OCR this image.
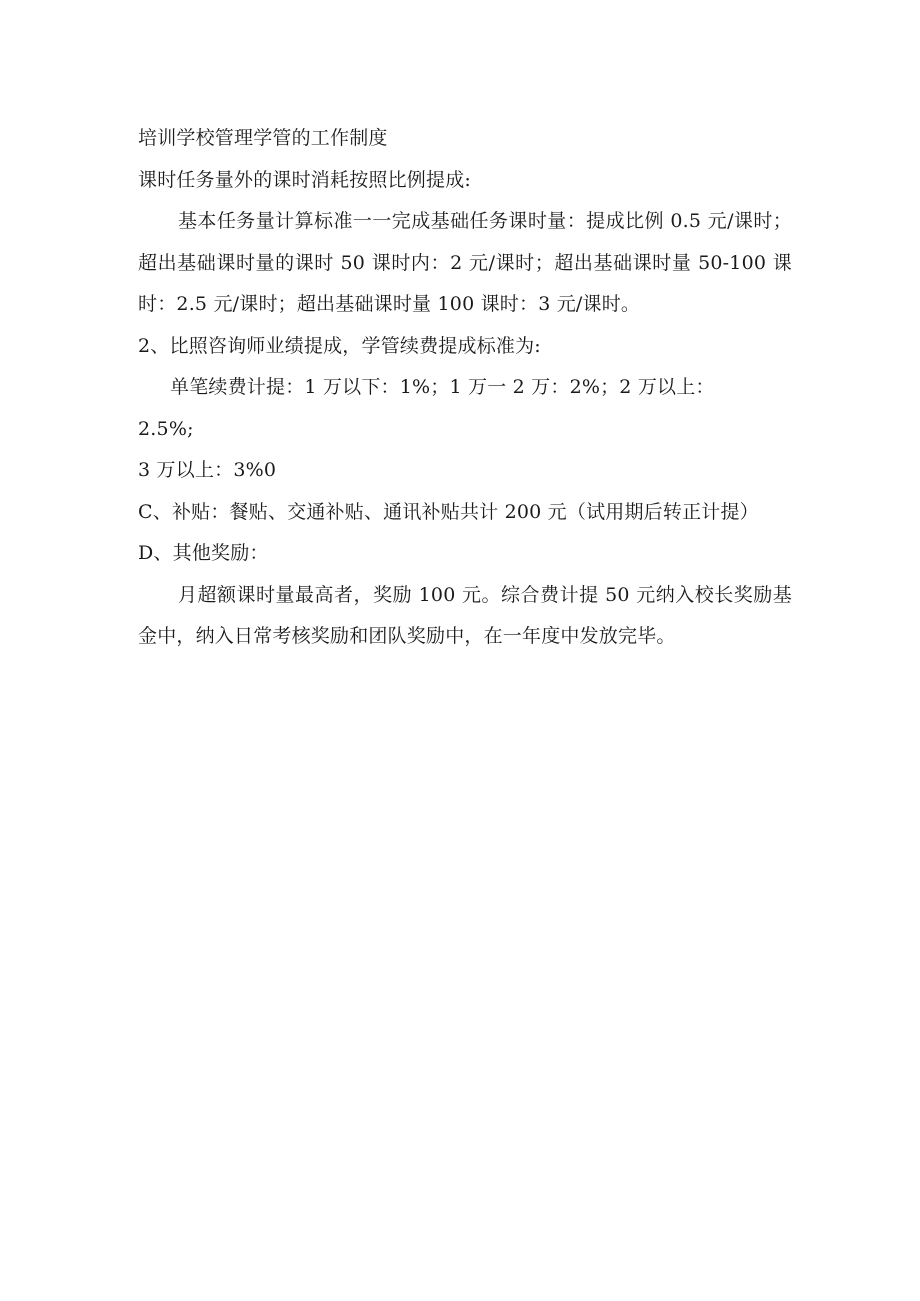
培训学校管理学管的工作制度

课时任务量外的课时消耗按照比例提成:

基本任务量计算标准一一完成基础任务课时量：提成比例 0.5 元/课时；超出基础课时量的课时 50 课时内：2 元/课时；超出基础课时量 50-100 课时：2.5 元/课时；超出基础课时量 100 课时：3 元/课时。

2、比照咨询师业绩提成，学管续费提成标准为:

单笔续费计提：1 万以下：1%；1 万一 2 万：2%；2 万以上：

2.5%;

3 万以上：3%0

C、补贴：餐贴、交通补贴、通讯补贴共计 200 元（试用期后转正计提）

D、其他奖励：

月超额课时量最高者，奖励 100 元。综合费计提 50 元纳入校长奖励基金中，纳入日常考核奖励和团队奖励中，在一年度中发放完毕。
